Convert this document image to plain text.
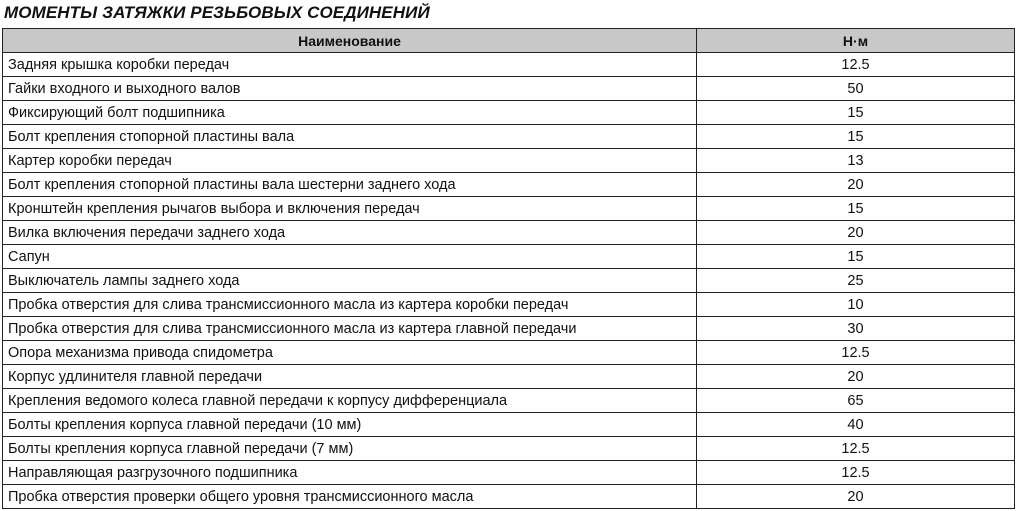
МОМЕНТЫ ЗАТЯЖКИ РЕЗЬБОВЫХ СОЕДИНЕНИЙ
Наименование	Н·м
Задняя крышка коробки передач	12.5
Гайки входного и выходного валов	50
Фиксирующий болт подшипника	15
Болт крепления стопорной пластины вала	15
Картер коробки передач	13
Болт крепления стопорной пластины вала шестерни заднего хода	20
Кронштейн крепления рычагов выбора и включения передач	15
Вилка включения передачи заднего хода	20
Сапун	15
Выключатель лампы заднего хода	25
Пробка отверстия для слива трансмиссионного масла из картера коробки передач	10
Пробка отверстия для слива трансмиссионного масла из картера главной передачи	30
Опора механизма привода спидометра	12.5
Корпус удлинителя главной передачи	20
Крепления ведомого колеса главной передачи к корпусу дифференциала	65
Болты крепления корпуса главной передачи (10 мм)	40
Болты крепления корпуса главной передачи (7 мм)	12.5
Направляющая разгрузочного подшипника	12.5
Пробка отверстия проверки общего уровня трансмиссионного масла	20
